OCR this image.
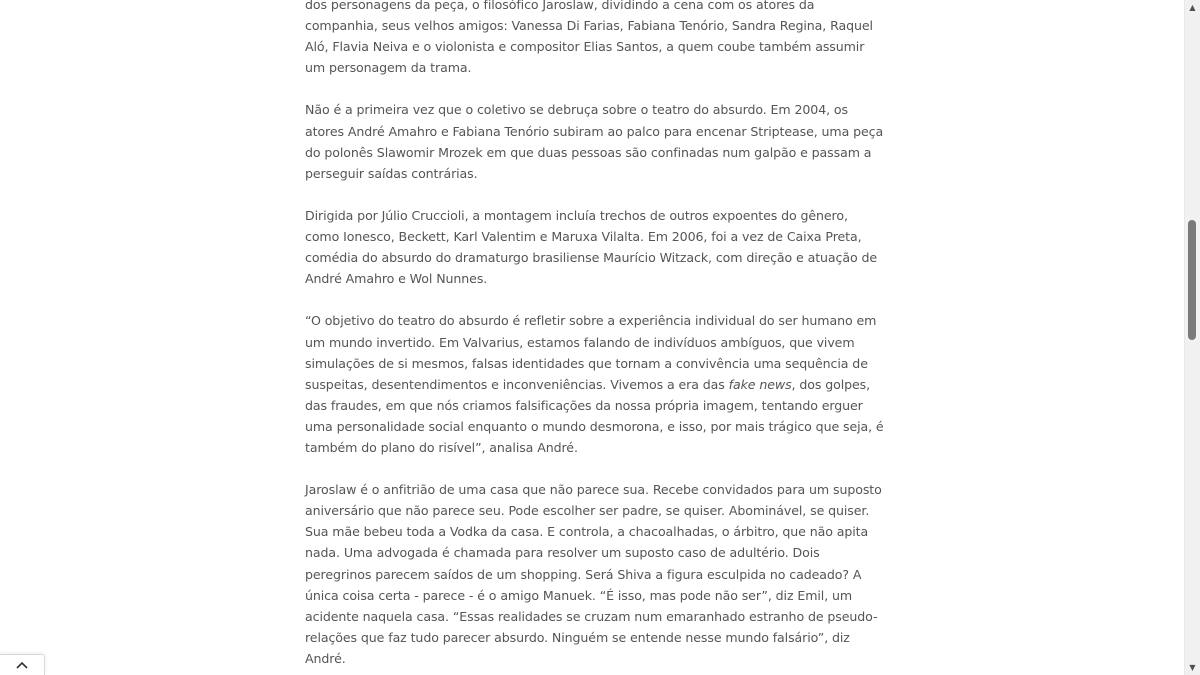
dos personagens da peça, o filosófico Jaroslaw, dividindo a cena com os atores da companhia, seus velhos amigos: Vanessa Di Farias, Fabiana Tenório, Sandra Regina, Raquel Aló, Flavia Neiva e o violonista e compositor Elias Santos, a quem coube também assumir um personagem da trama.

Não é a primeira vez que o coletivo se debruça sobre o teatro do absurdo. Em 2004, os atores André Amahro e Fabiana Tenório subiram ao palco para encenar Striptease, uma peça do polonês Slawomir Mrozek em que duas pessoas são confinadas num galpão e passam a perseguir saídas contrárias.

Dirigida por Júlio Cruccioli, a montagem incluía trechos de outros expoentes do gênero, como Ionesco, Beckett, Karl Valentim e Maruxa Vilalta. Em 2006, foi a vez de Caixa Preta, comédia do absurdo do dramaturgo brasiliense Maurício Witzack, com direção e atuação de André Amahro e Wol Nunnes.

“O objetivo do teatro do absurdo é refletir sobre a experiência individual do ser humano em um mundo invertido. Em Valvarius, estamos falando de indivíduos ambíguos, que vivem simulações de si mesmos, falsas identidades que tornam a convivência uma sequência de suspeitas, desentendimentos e inconveniências. Vivemos a era das fake news, dos golpes, das fraudes, em que nós criamos falsificações da nossa própria imagem, tentando erguer uma personalidade social enquanto o mundo desmorona, e isso, por mais trágico que seja, é também do plano do risível”, analisa André.

Jaroslaw é o anfitrião de uma casa que não parece sua. Recebe convidados para um suposto aniversário que não parece seu. Pode escolher ser padre, se quiser. Abominável, se quiser. Sua mãe bebeu toda a Vodka da casa. E controla, a chacoalhadas, o árbitro, que não apita nada. Uma advogada é chamada para resolver um suposto caso de adultério. Dois peregrinos parecem saídos de um shopping. Será Shiva a figura esculpida no cadeado? A única coisa certa - parece - é o amigo Manuek. “É isso, mas pode não ser”, diz Emil, um acidente naquela casa. “Essas realidades se cruzam num emaranhado estranho de pseudo-relações que faz tudo parecer absurdo. Ninguém se entende nesse mundo falsário”, diz André.

▲
▼
